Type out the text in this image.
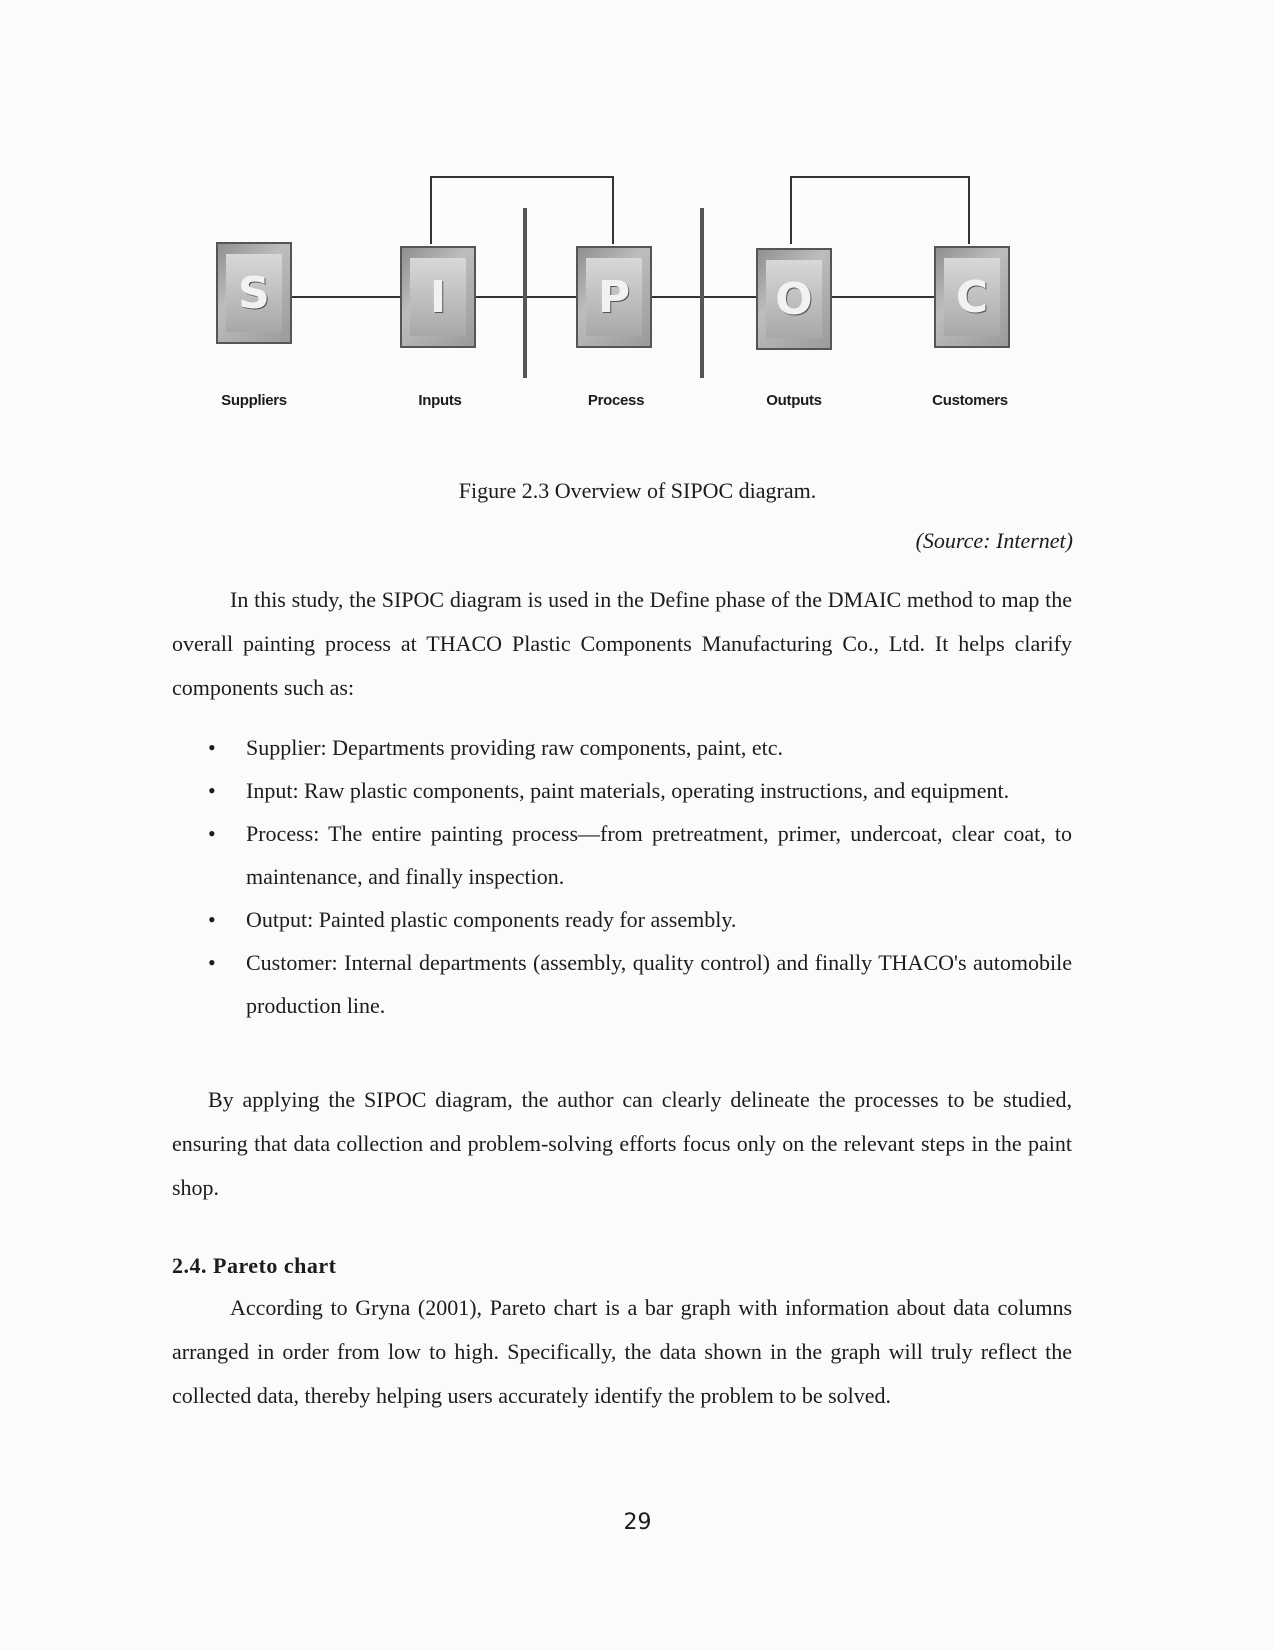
S	I	P	O	C
Suppliers	Inputs	Process	Outputs	Customers
Figure 2.3 Overview of SIPOC diagram.
(Source: Internet)

In this study, the SIPOC diagram is used in the Define phase of the DMAIC method to map the overall painting process at THACO Plastic Components Manufacturing Co., Ltd. It helps clarify components such as:

• Supplier: Departments providing raw components, paint, etc.
• Input: Raw plastic components, paint materials, operating instructions, and equipment.
• Process: The entire painting process—from pretreatment, primer, undercoat, clear coat, to maintenance, and finally inspection.
• Output: Painted plastic components ready for assembly.
• Customer: Internal departments (assembly, quality control) and finally THACO's automobile production line.

By applying the SIPOC diagram, the author can clearly delineate the processes to be studied, ensuring that data collection and problem-solving efforts focus only on the relevant steps in the paint shop.

2.4. Pareto chart

According to Gryna (2001), Pareto chart is a bar graph with information about data columns arranged in order from low to high. Specifically, the data shown in the graph will truly reflect the collected data, thereby helping users accurately identify the problem to be solved.

29
